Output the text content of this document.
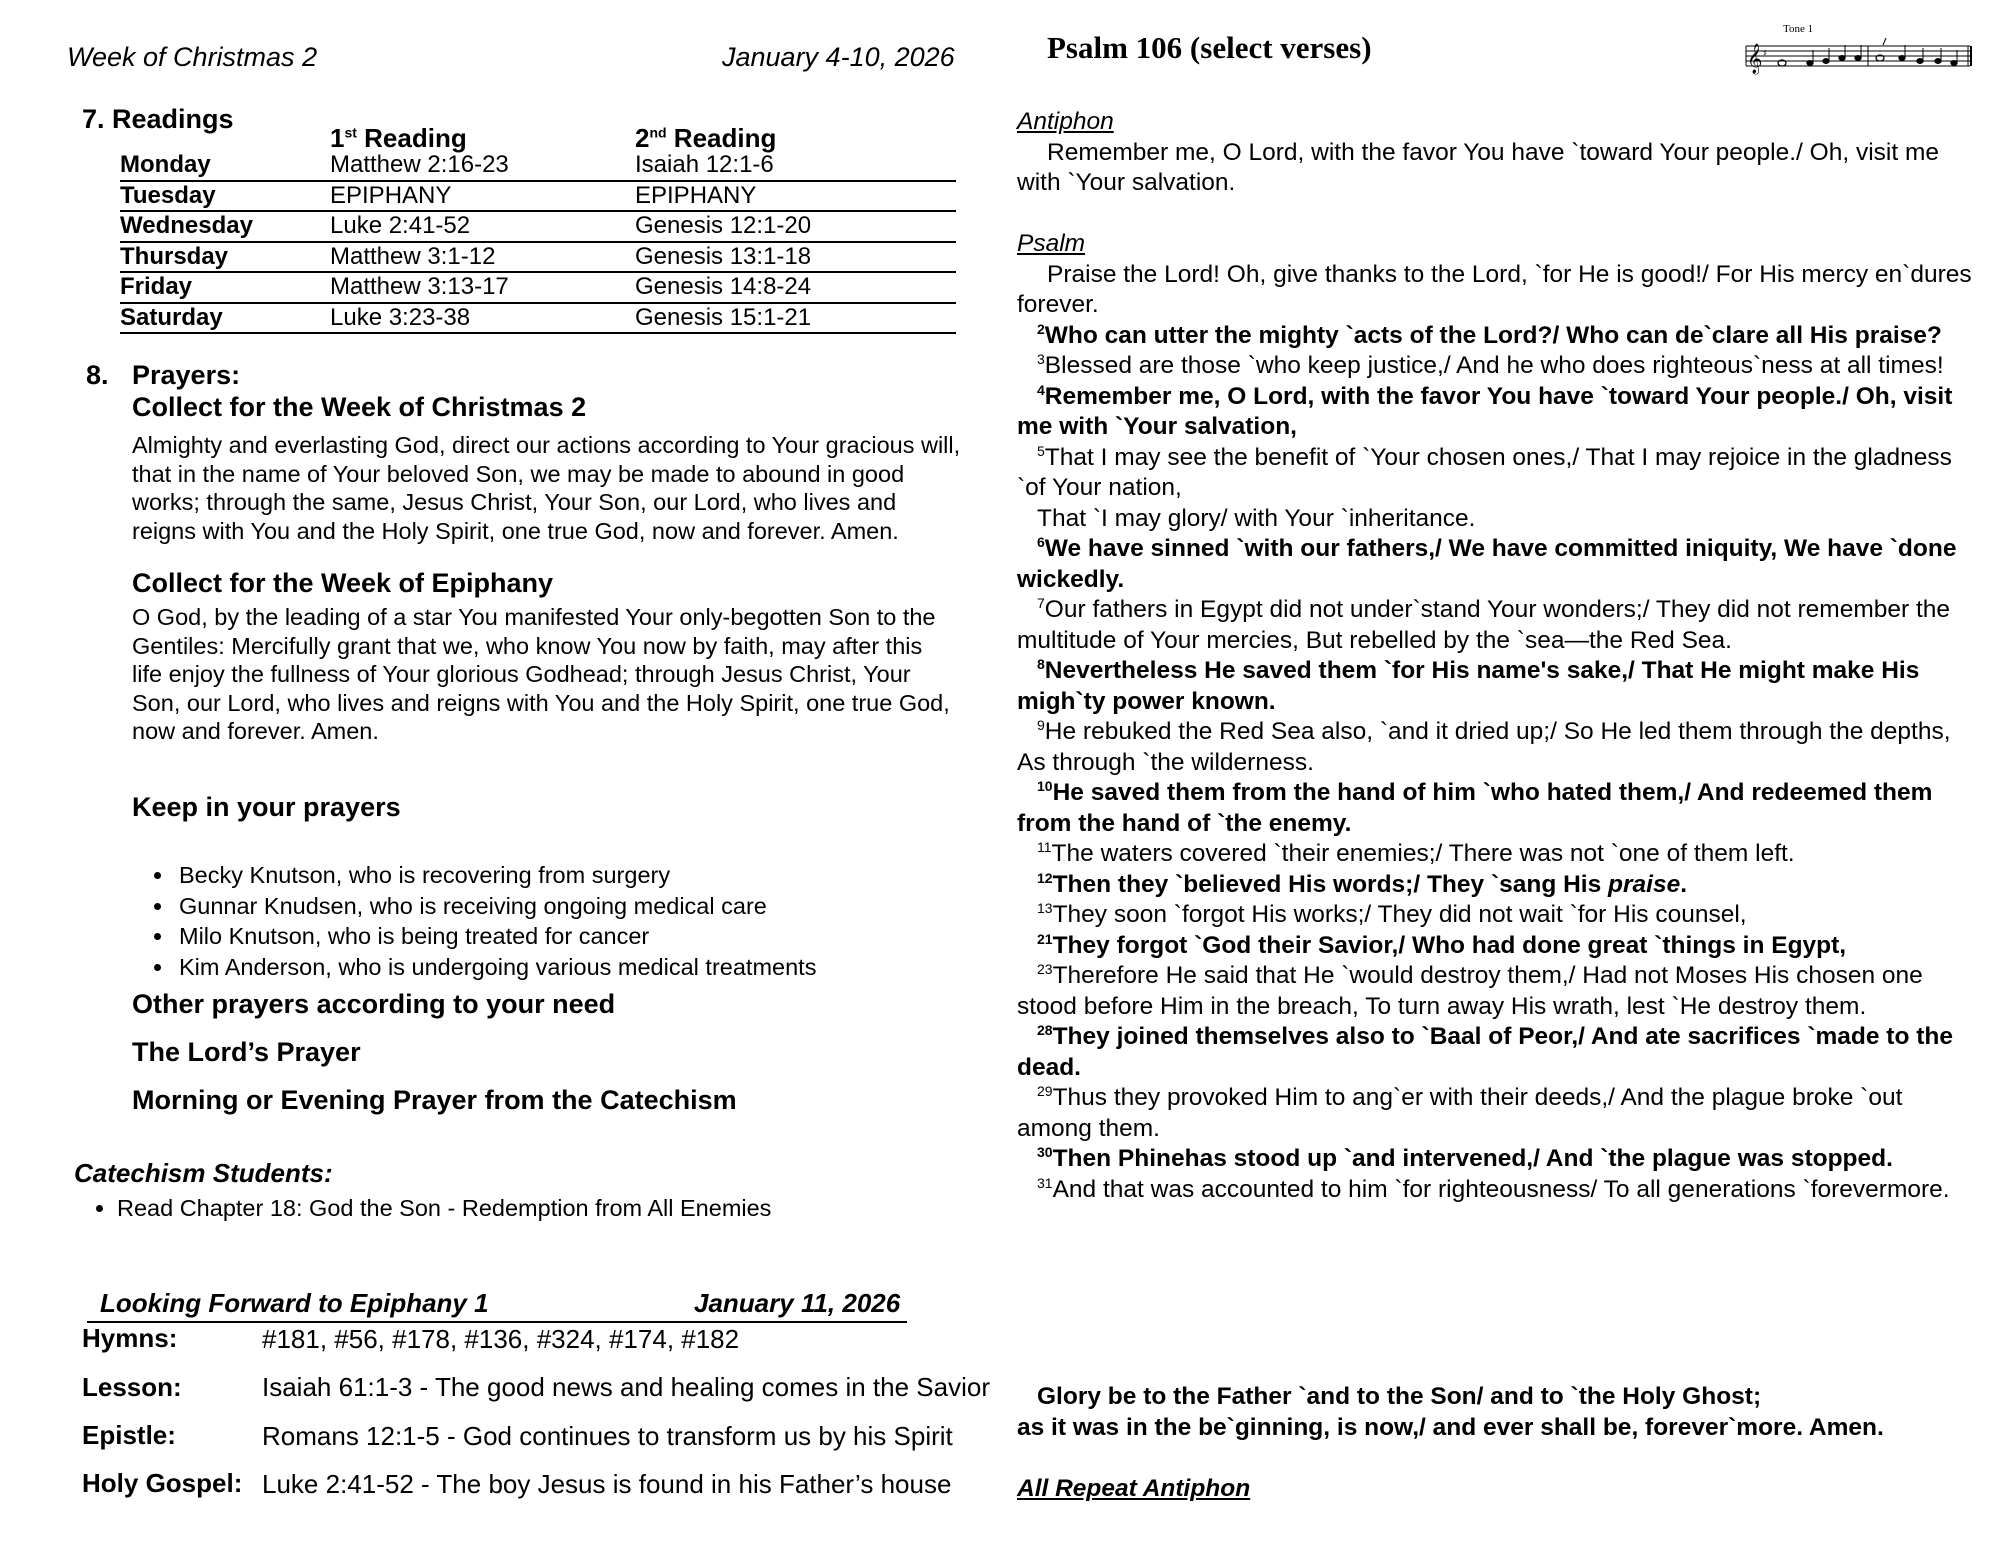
Week of Christmas 2	January 4-10, 2026
7. Readings
1st Reading	2nd Reading
Monday	Matthew 2:16-23	Isaiah 12:1-6
Tuesday	EPIPHANY	EPIPHANY
Wednesday	Luke 2:41-52	Genesis 12:1-20
Thursday	Matthew 3:1-12	Genesis 13:1-18
Friday	Matthew 3:13-17	Genesis 14:8-24
Saturday	Luke 3:23-38	Genesis 15:1-21
8. Prayers:
Collect for the Week of Christmas 2
Almighty and everlasting God, direct our actions according to Your gracious will, that in the name of Your beloved Son, we may be made to abound in good works; through the same, Jesus Christ, Your Son, our Lord, who lives and reigns with You and the Holy Spirit, one true God, now and forever. Amen.
Collect for the Week of Epiphany
O God, by the leading of a star You manifested Your only-begotten Son to the Gentiles: Mercifully grant that we, who know You now by faith, may after this life enjoy the fullness of Your glorious Godhead; through Jesus Christ, Your Son, our Lord, who lives and reigns with You and the Holy Spirit, one true God, now and forever. Amen.
Keep in your prayers
• Becky Knutson, who is recovering from surgery
• Gunnar Knudsen, who is receiving ongoing medical care
• Milo Knutson, who is being treated for cancer
• Kim Anderson, who is undergoing various medical treatments
Other prayers according to your need
The Lord’s Prayer
Morning or Evening Prayer from the Catechism
Catechism Students:
• Read Chapter 18: God the Son - Redemption from All Enemies
Looking Forward to Epiphany 1	January 11, 2026
Hymns:	#181, #56, #178, #136, #324, #174, #182
Lesson:	Isaiah 61:1-3 - The good news and healing comes in the Savior
Epistle:	Romans 12:1-5 - God continues to transform us by his Spirit
Holy Gospel: Luke 2:41-52 - The boy Jesus is found in his Father’s house
Psalm 106 (select verses)
Tone 1
𝄞 ♯
Antiphon
Remember me, O Lord, with the favor You have `toward Your people./ Oh, visit me with `Your salvation.
Psalm
Praise the Lord! Oh, give thanks to the Lord, `for He is good!/ For His mercy en`dures forever.
$^2$Who can utter the mighty `acts of the Lord?/ Who can de`clare all His praise?
$^3$Blessed are those `who keep justice,/ And he who does righteous`ness at all times!
$^4$Remember me, O Lord, with the favor You have `toward Your people./ Oh, visit me with `Your salvation,
$^5$That I may see the benefit of `Your chosen ones,/ That I may rejoice in the gladness `of Your nation,
That `I may glory/ with Your `inheritance.
$^6$We have sinned `with our fathers,/ We have committed iniquity, We have `done wickedly.
$^7$Our fathers in Egypt did not under`stand Your wonders;/ They did not remember the multitude of Your mercies, But rebelled by the `sea—the Red Sea.
$^8$Nevertheless He saved them `for His name's sake,/ That He might make His migh`ty power known.
$^9$He rebuked the Red Sea also, `and it dried up;/ So He led them through the depths, As through `the wilderness.
$^{10}$He saved them from the hand of him `who hated them,/ And redeemed them from the hand of `the enemy.
$^{11}$The waters covered `their enemies;/ There was not `one of them left.
$^{12}$Then they `believed His words;/ They `sang His praise.
$^{13}$They soon `forgot His works;/ They did not wait `for His counsel,
$^{21}$They forgot `God their Savior,/ Who had done great `things in Egypt,
$^{23}$Therefore He said that He `would destroy them,/ Had not Moses His chosen one stood before Him in the breach, To turn away His wrath, lest `He destroy them.
$^{28}$They joined themselves also to `Baal of Peor,/ And ate sacrifices `made to the dead.
$^{29}$Thus they provoked Him to ang`er with their deeds,/ And the plague broke `out among them.
$^{30}$Then Phinehas stood up `and intervened,/ And `the plague was stopped.
$^{31}$And that was accounted to him `for righteousness/ To all generations `forevermore.
Glory be to the Father `and to the Son/ and to `the Holy Ghost;
as it was in the be`ginning, is now,/ and ever shall be, forever`more. Amen.
All Repeat Antiphon
